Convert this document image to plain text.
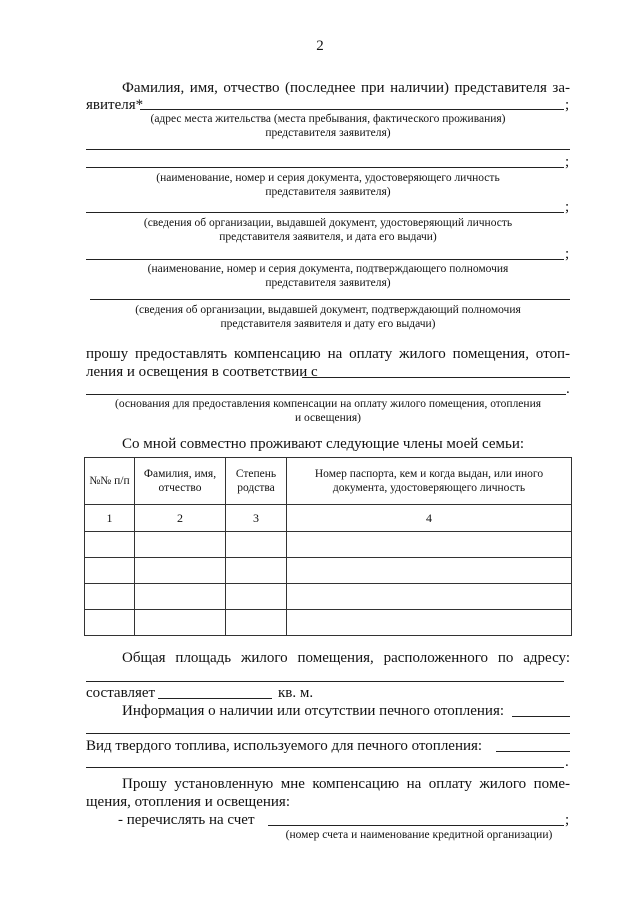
2
Фамилия, имя, отчество (последнее при наличии) представителя за-
явителя*	;
(адрес места жительства (места пребывания, фактического проживания)
представителя заявителя)
;
(наименование, номер и серия документа, удостоверяющего личность
представителя заявителя)
;
(сведения об организации, выдавшей документ, удостоверяющий личность
представителя заявителя, и дата его выдачи)
;
(наименование, номер и серия документа, подтверждающего полномочия
представителя заявителя)
(сведения об организации, выдавшей документ, подтверждающий полномочия
представителя заявителя и дату его выдачи)
прошу предоставлять компенсацию на оплату жилого помещения, отоп-
ления и освещения в соответствии с
.
(основания для предоставления компенсации на оплату жилого помещения, отопления
и освещения)
Со мной совместно проживают следующие члены моей семьи:
№№ п/п	Фамилия, имя, отчество	Степень родства	Номер паспорта, кем и когда выдан, или иного документа, удостоверяющего личность
1	2	3	4

Общая площадь жилого помещения, расположенного по адресу:
составляет	кв. м.
Информация о наличии или отсутствии печного отопления:
Вид твердого топлива, используемого для печного отопления:
.
Прошу установленную мне компенсацию на оплату жилого поме-
щения, отопления и освещения:
- перечислять на счет	;
(номер счета и наименование кредитной организации)
